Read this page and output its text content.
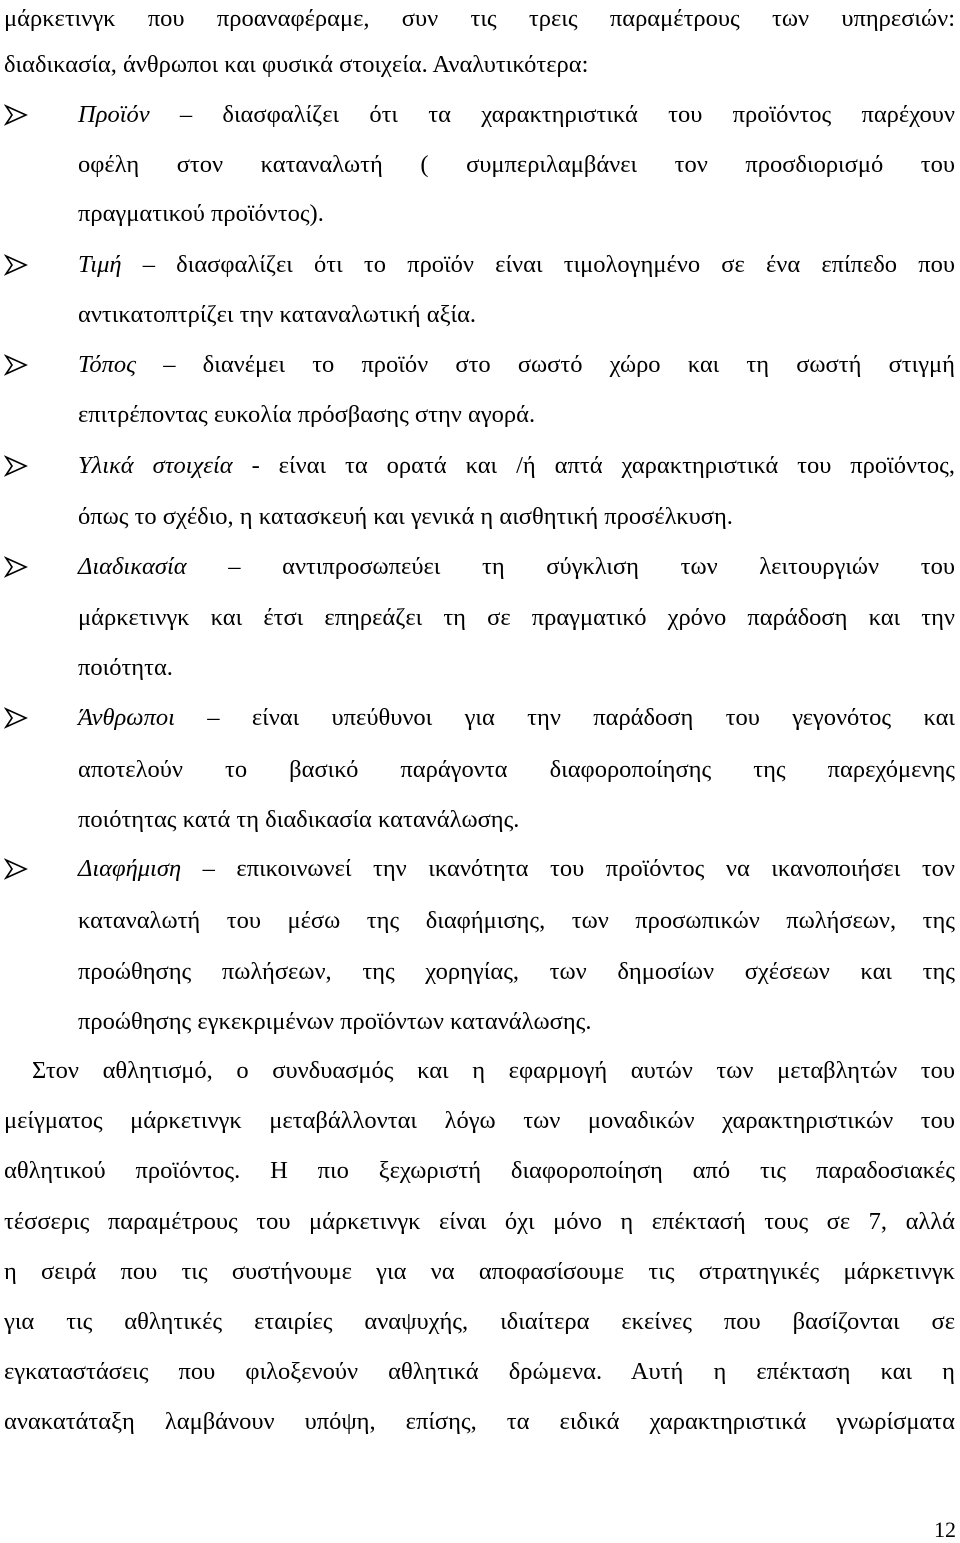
μάρκετινγκ που προαναφέραμε, συν τις τρεις παραμέτρους των υπηρεσιών:
διαδικασία, άνθρωποι και φυσικά στοιχεία. Αναλυτικότερα:
Προϊόν – διασφαλίζει ότι τα χαρακτηριστικά του προϊόντος παρέχουν
οφέλη στον καταναλωτή ( συμπεριλαμβάνει τον προσδιορισμό του
πραγματικού προϊόντος).
Τιμή – διασφαλίζει ότι το προϊόν είναι τιμολογημένο σε ένα επίπεδο που
αντικατοπτρίζει την καταναλωτική αξία.
Τόπος – διανέμει το προϊόν στο σωστό χώρο και τη σωστή στιγμή
επιτρέποντας ευκολία πρόσβασης στην αγορά.
Υλικά στοιχεία - είναι τα ορατά και /ή απτά χαρακτηριστικά του προϊόντος,
όπως το σχέδιο, η κατασκευή και γενικά η αισθητική προσέλκυση.
Διαδικασία – αντιπροσωπεύει τη σύγκλιση των λειτουργιών του
μάρκετινγκ και έτσι επηρεάζει τη σε πραγματικό χρόνο παράδοση και την
ποιότητα.
Άνθρωποι – είναι υπεύθυνοι για την παράδοση του γεγονότος και
αποτελούν το βασικό παράγοντα διαφοροποίησης της παρεχόμενης
ποιότητας κατά τη διαδικασία κατανάλωσης.
Διαφήμιση – επικοινωνεί την ικανότητα του προϊόντος να ικανοποιήσει τον
καταναλωτή του μέσω της διαφήμισης, των προσωπικών πωλήσεων, της
προώθησης πωλήσεων, της χορηγίας, των δημοσίων σχέσεων και της
προώθησης εγκεκριμένων προϊόντων κατανάλωσης.
Στον αθλητισμό, ο συνδυασμός και η εφαρμογή αυτών των μεταβλητών του
μείγματος μάρκετινγκ μεταβάλλονται λόγω των μοναδικών χαρακτηριστικών του
αθλητικού προϊόντος. Η πιο ξεχωριστή διαφοροποίηση από τις παραδοσιακές
τέσσερις παραμέτρους του μάρκετινγκ είναι όχι μόνο η επέκτασή τους σε 7, αλλά
η σειρά που τις συστήνουμε για να αποφασίσουμε τις στρατηγικές μάρκετινγκ
για τις αθλητικές εταιρίες αναψυχής, ιδιαίτερα εκείνες που βασίζονται σε
εγκαταστάσεις που φιλοξενούν αθλητικά δρώμενα. Αυτή η επέκταση και η
ανακατάταξη λαμβάνουν υπόψη, επίσης, τα ειδικά χαρακτηριστικά γνωρίσματα
12
